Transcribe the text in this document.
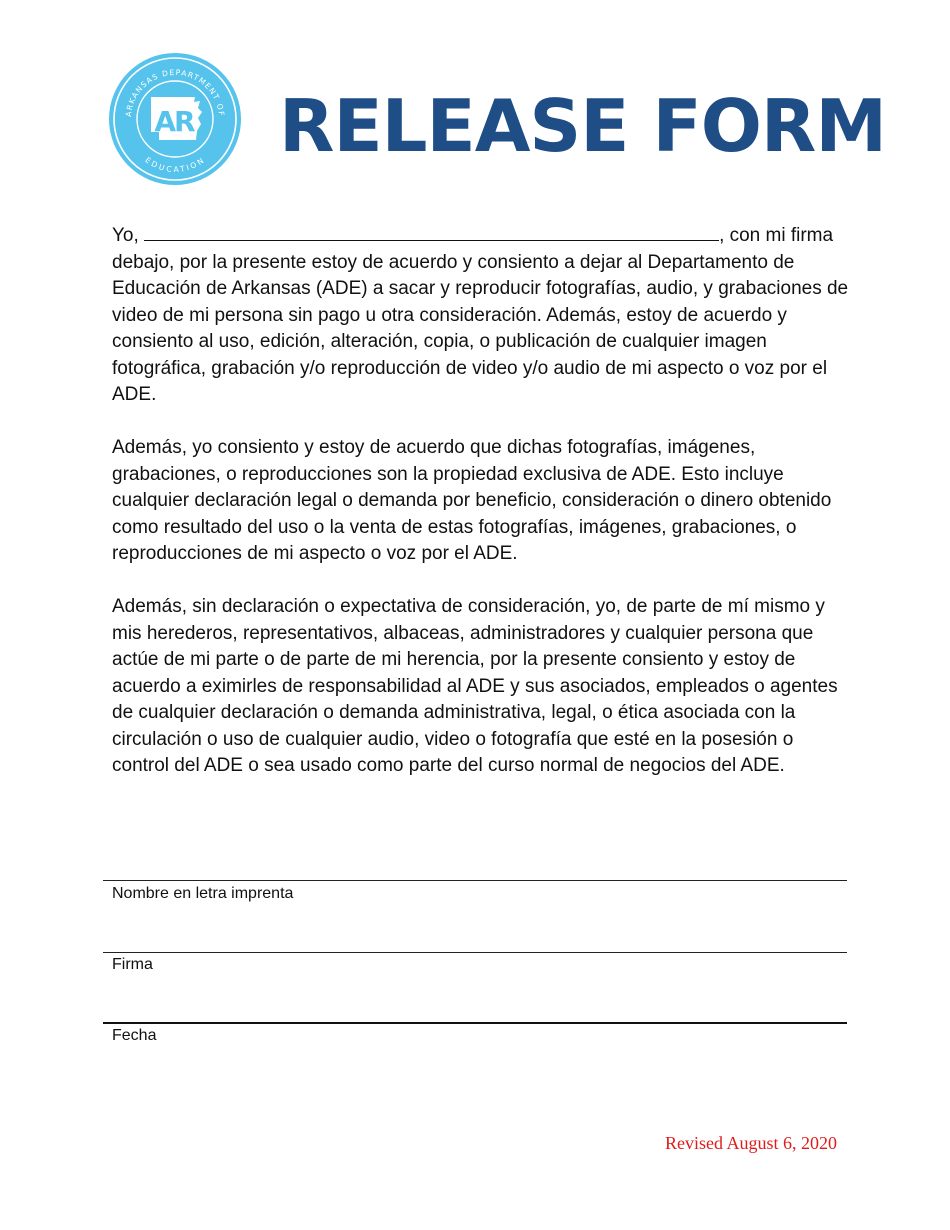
ARKANSAS DEPARTMENT OF
EDUCATION
AR RELEASE FORM

Yo,	, con mi firma debajo, por la presente estoy de acuerdo y consiento a dejar al Departamento de Educación de Arkansas (ADE) a sacar y reproducir fotografías, audio, y grabaciones de video de mi persona sin pago u otra consideración. Además, estoy de acuerdo y consiento al uso, edición, alteración, copia, o publicación de cualquier imagen fotográfica, grabación y/o reproducción de video y/o audio de mi aspecto o voz por el ADE.

Además, yo consiento y estoy de acuerdo que dichas fotografías, imágenes, grabaciones, o reproducciones son la propiedad exclusiva de ADE. Esto incluye cualquier declaración legal o demanda por beneficio, consideración o dinero obtenido como resultado del uso o la venta de estas fotografías, imágenes, grabaciones, o reproducciones de mi aspecto o voz por el ADE.

Además, sin declaración o expectativa de consideración, yo, de parte de mí mismo y mis herederos, representativos, albaceas, administradores y cualquier persona que actúe de mi parte o de parte de mi herencia, por la presente consiento y estoy de acuerdo a eximirles de responsabilidad al ADE y sus asociados, empleados o agentes de cualquier declaración o demanda administrativa, legal, o ética asociada con la circulación o uso de cualquier audio, video o fotografía que esté en la posesión o control del ADE o sea usado como parte del curso normal de negocios del ADE.

Nombre en letra imprenta
Firma
Fecha
Revised August 6, 2020
